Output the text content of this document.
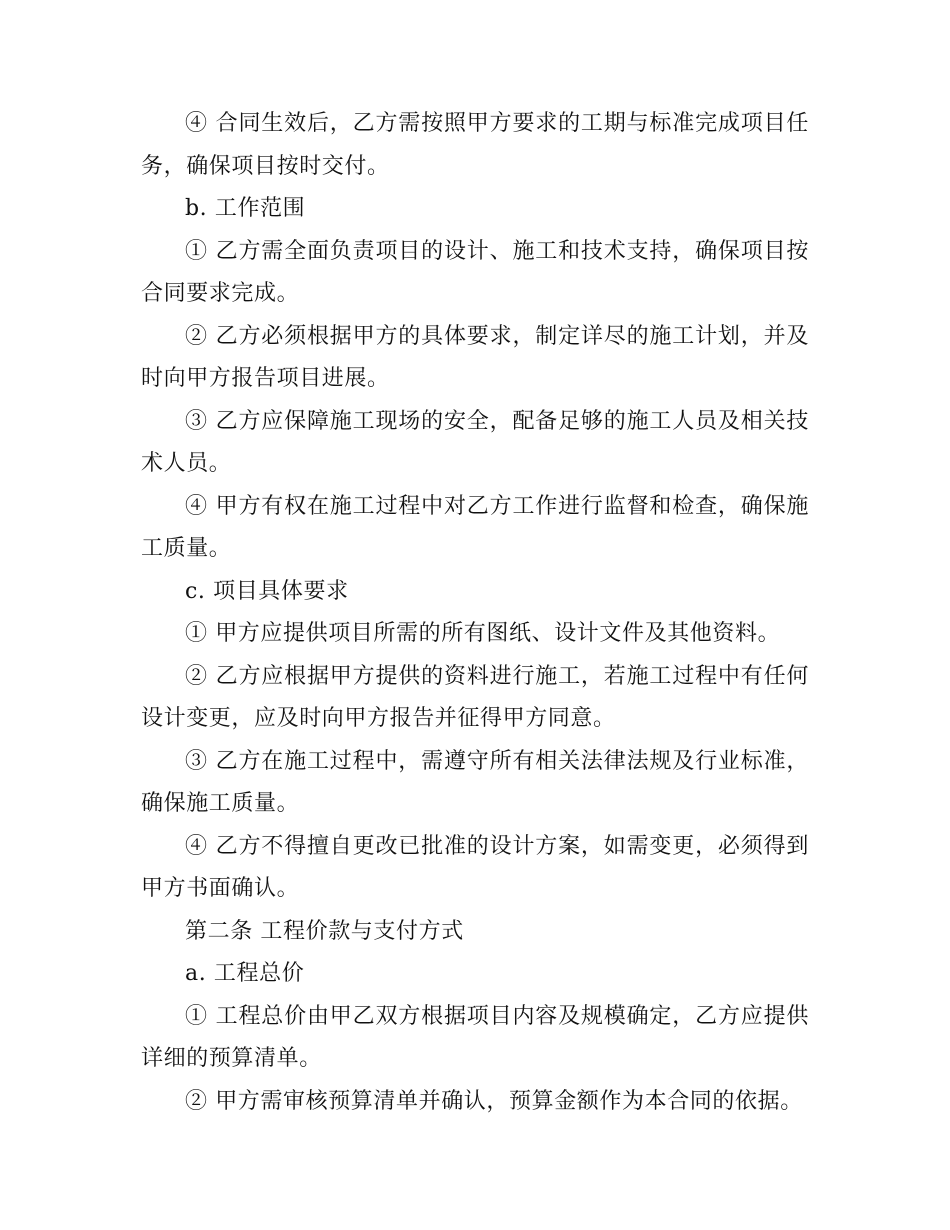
④ 合同生效后，乙方需按照甲方要求的工期与标准完成项目任务，确保项目按时交付。

b. 工作范围

① 乙方需全面负责项目的设计、施工和技术支持，确保项目按合同要求完成。

② 乙方必须根据甲方的具体要求，制定详尽的施工计划，并及时向甲方报告项目进展。

③ 乙方应保障施工现场的安全，配备足够的施工人员及相关技术人员。

④ 甲方有权在施工过程中对乙方工作进行监督和检查，确保施工质量。

c. 项目具体要求

① 甲方应提供项目所需的所有图纸、设计文件及其他资料。

② 乙方应根据甲方提供的资料进行施工，若施工过程中有任何设计变更，应及时向甲方报告并征得甲方同意。

③ 乙方在施工过程中，需遵守所有相关法律法规及行业标准，确保施工质量。

④ 乙方不得擅自更改已批准的设计方案，如需变更，必须得到甲方书面确认。

第二条 工程价款与支付方式

a. 工程总价

① 工程总价由甲乙双方根据项目内容及规模确定，乙方应提供详细的预算清单。

② 甲方需审核预算清单并确认，预算金额作为本合同的依据。
